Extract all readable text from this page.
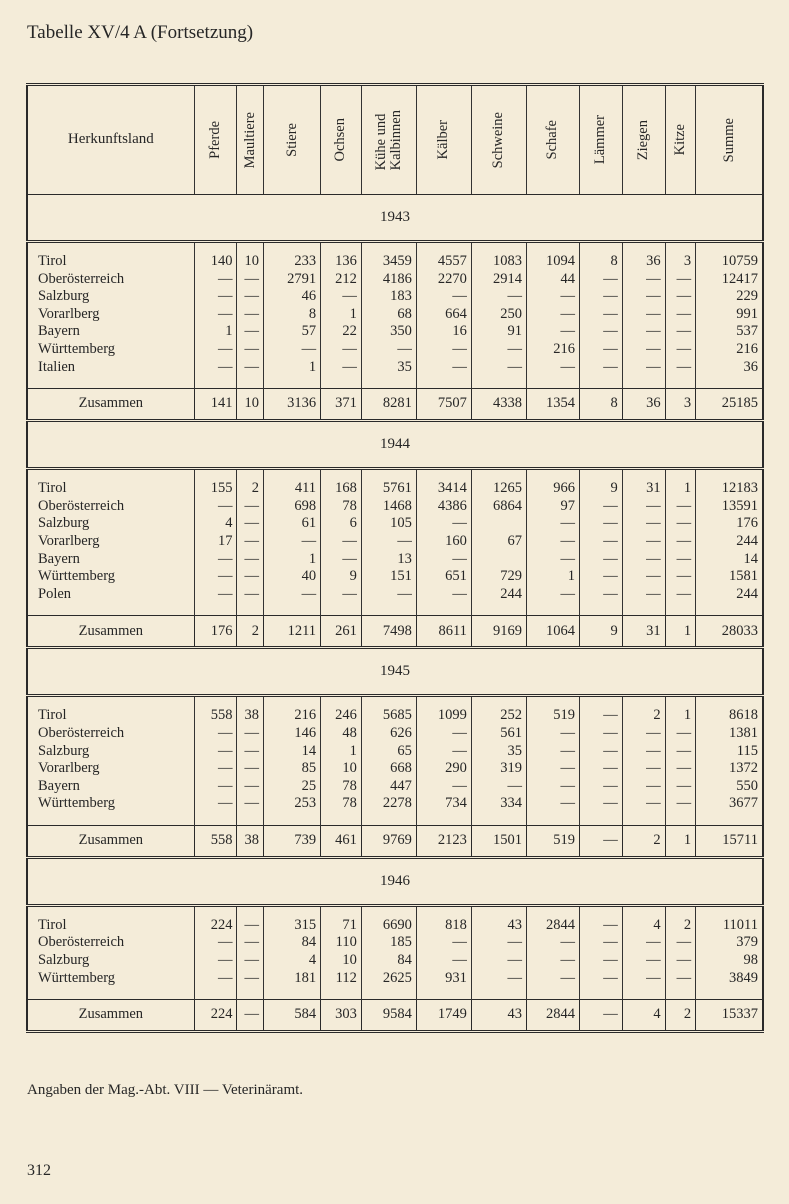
Tabelle XV/4 A (Fortsetzung)
Herkunftsland	Pferde	Maultiere	Stiere	Ochsen	Kühe und
Kalbinnen	Kälber	Schweine	Schafe	Lämmer	Ziegen	Kitze	Summe

1943												

Tirol	140	10	233	136	3459	4557	1083	1094	8	36	3	10759
Oberösterreich	—	—	2791	212	4186	2270	2914	44	—	—	—	12417
Salzburg	—	—	46	—	183	—	—	—	—	—	—	229
Vorarlberg	—	—	8	1	68	664	250	—	—	—	—	991
Bayern	1	—	57	22	350	16	91	—	—	—	—	537
Württemberg	—	—	—	—	—	—	—	216	—	—	—	216
Italien	—	—	1	—	35	—	—	—	—	—	—	36

Zusammen	141	10	3136	371	8281	7507	4338	1354	8	36	3	25185
1944												

Tirol	155	2	411	168	5761	3414	1265	966	9	31	1	12183
Oberösterreich	—	—	698	78	1468	4386	6864	97	—	—	—	13591
Salzburg	4	—	61	6	105	—		—	—	—	—	176
Vorarlberg	17	—	—	—	—	160	67	—	—	—	—	244
Bayern	—	—	1	—	13	—		—	—	—	—	14
Württemberg	—	—	40	9	151	651	729	1	—	—	—	1581
Polen	—	—	—	—	—	—	244	—	—	—	—	244

Zusammen	176	2	1211	261	7498	8611	9169	1064	9	31	1	28033
1945												

Tirol	558	38	216	246	5685	1099	252	519	—	2	1	8618
Oberösterreich	—	—	146	48	626	—	561	—	—	—	—	1381
Salzburg	—	—	14	1	65	—	35	—	—	—	—	115
Vorarlberg	—	—	85	10	668	290	319	—	—	—	—	1372
Bayern	—	—	25	78	447	—	—	—	—	—	—	550
Württemberg	—	—	253	78	2278	734	334	—	—	—	—	3677

Zusammen	558	38	739	461	9769	2123	1501	519	—	2	1	15711
1946												

Tirol	224	—	315	71	6690	818	43	2844	—	4	2	11011
Oberösterreich	—	—	84	110	185	—	—	—	—	—	—	379
Salzburg	—	—	4	10	84	—	—	—	—	—	—	98
Württemberg	—	—	181	112	2625	931	—	—	—	—	—	3849

Zusammen	224	—	584	303	9584	1749	43	2844	—	4	2	15337
Angaben der Mag.-Abt. VIII — Veterinäramt.
312
